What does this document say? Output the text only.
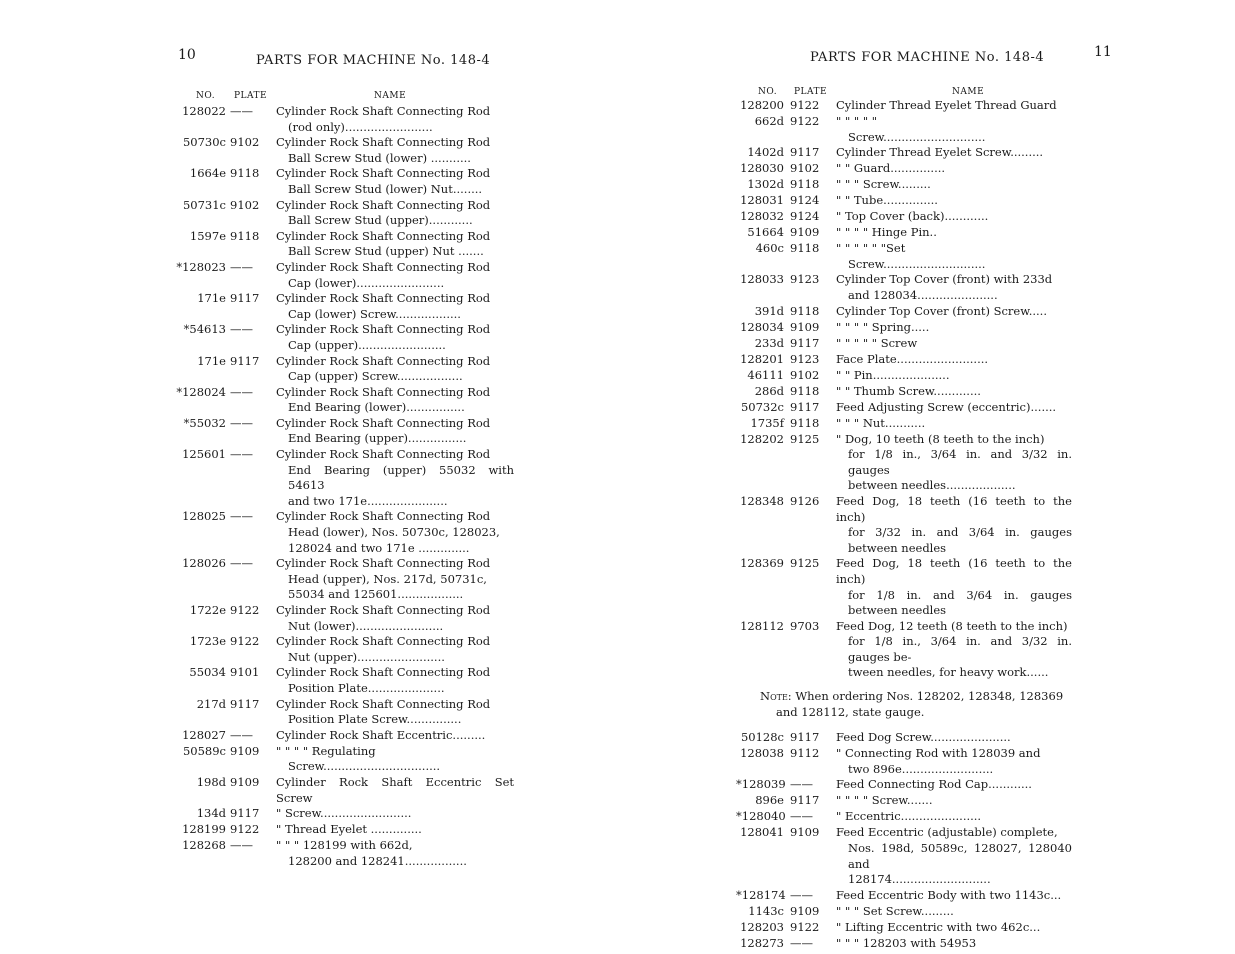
10	PARTS FOR MACHINE No. 148-4
NO. PLATE	NAME
128022 ——	Cylinder Rock Shaft Connecting Rod
(rod only)........................
50730c 9102	Cylinder Rock Shaft Connecting Rod
Ball Screw Stud (lower) ...........
1664e 9118	Cylinder Rock Shaft Connecting Rod
Ball Screw Stud (lower) Nut........
50731c 9102	Cylinder Rock Shaft Connecting Rod
Ball Screw Stud (upper)............
1597e 9118	Cylinder Rock Shaft Connecting Rod
Ball Screw Stud (upper) Nut .......
*128023 ——	Cylinder Rock Shaft Connecting Rod
Cap (lower)........................
171e 9117	Cylinder Rock Shaft Connecting Rod
Cap (lower) Screw..................
*54613 ——	Cylinder Rock Shaft Connecting Rod
Cap (upper)........................
171e 9117	Cylinder Rock Shaft Connecting Rod
Cap (upper) Screw..................
*128024 ——	Cylinder Rock Shaft Connecting Rod
End Bearing (lower)................
*55032 ——	Cylinder Rock Shaft Connecting Rod
End Bearing (upper)................
125601 ——	Cylinder Rock Shaft Connecting Rod
End Bearing (upper) 55032 with 54613
and two 171e......................
128025 ——	Cylinder Rock Shaft Connecting Rod
Head (lower), Nos. 50730c, 128023,
128024 and two 171e ..............
128026 ——	Cylinder Rock Shaft Connecting Rod
Head (upper), Nos. 217d, 50731c,
55034 and 125601..................
1722e 9122	Cylinder Rock Shaft Connecting Rod
Nut (lower)........................
1723e 9122	Cylinder Rock Shaft Connecting Rod
Nut (upper)........................
55034 9101	Cylinder Rock Shaft Connecting Rod
Position Plate.....................
217d 9117	Cylinder Rock Shaft Connecting Rod
Position Plate Screw...............
128027 ——	Cylinder Rock Shaft Eccentric.........
50589c 9109	" " " " Regulating
Screw................................
198d 9109	Cylinder Rock Shaft Eccentric Set Screw
134d 9117	" Screw.........................
128199 9122	" Thread Eyelet ..............
128268 ——	" " " 128199 with 662d,
128200 and 128241.................
11
PARTS FOR MACHINE No. 148-4
NO. PLATE	NAME
128200 9122	Cylinder Thread Eyelet Thread Guard
662d 9122	" " " " "
Screw............................
1402d 9117	Cylinder Thread Eyelet Screw.........
128030 9102	" " Guard...............
1302d 9118	" " " Screw.........
128031 9124	" " Tube...............
128032 9124	" Top Cover (back)............
51664 9109	" " " " Hinge Pin..
460c 9118	" " " " " "Set
Screw............................
128033 9123	Cylinder Top Cover (front) with 233d
and 128034......................
391d 9118	Cylinder Top Cover (front) Screw.....
128034 9109	" " " " Spring.....
233d 9117	" " " " " Screw
128201 9123	Face Plate.........................
46111 9102	" " Pin.....................
286d 9118	" " Thumb Screw.............
50732c 9117	Feed Adjusting Screw (eccentric).......
1735f 9118	" " " Nut...........
128202 9125	" Dog, 10 teeth (8 teeth to the inch)
for 1/8 in., 3/64 in. and 3/32 in. gauges
between needles...................
128348 9126	Feed Dog, 18 teeth (16 teeth to the inch)
for 3/32 in. and 3/64 in. gauges between needles
128369 9125	Feed Dog, 18 teeth (16 teeth to the inch)
for 1/8 in. and 3/64 in. gauges between needles
128112 9703	Feed Dog, 12 teeth (8 teeth to the inch)
for 1/8 in., 3/64 in. and 3/32 in. gauges be-
tween needles, for heavy work......
Note: When ordering Nos. 128202, 128348, 128369
and 128112, state gauge.
50128c 9117	Feed Dog Screw......................
128038 9112	" Connecting Rod with 128039 and
two 896e.........................
*128039 ——	Feed Connecting Rod Cap............
896e 9117	" " " " Screw.......
*128040 ——	" Eccentric......................
128041 9109	Feed Eccentric (adjustable) complete,
Nos. 198d, 50589c, 128027, 128040 and
128174...........................
*128174 ——	Feed Eccentric Body with two 1143c...
1143c 9109	" " " Set Screw.........
128203 9122	" Lifting Eccentric with two 462c...
128273 ——	" " " 128203 with 54953
